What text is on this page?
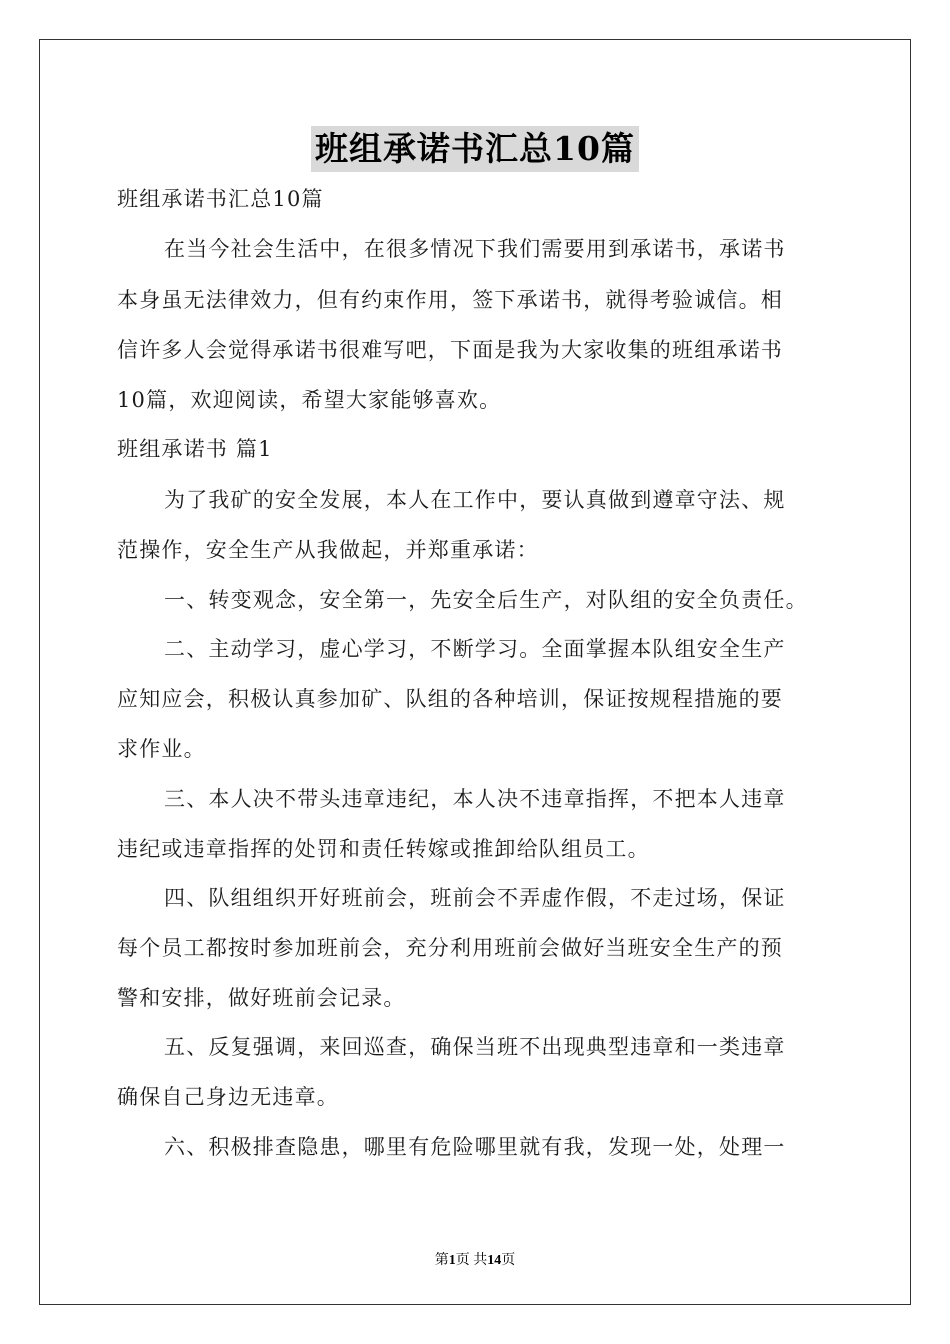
班组承诺书汇总10篇
班组承诺书汇总10篇
在当今社会生活中，在很多情况下我们需要用到承诺书，承诺书
本身虽无法律效力，但有约束作用，签下承诺书，就得考验诚信。相
信许多人会觉得承诺书很难写吧，下面是我为大家收集的班组承诺书
10篇，欢迎阅读，希望大家能够喜欢。
班组承诺书 篇1
为了我矿的安全发展，本人在工作中，要认真做到遵章守法、规
范操作，安全生产从我做起，并郑重承诺：
一、转变观念，安全第一，先安全后生产，对队组的安全负责任。
二、主动学习，虚心学习，不断学习。全面掌握本队组安全生产
应知应会，积极认真参加矿、队组的各种培训，保证按规程措施的要
求作业。
三、本人决不带头违章违纪，本人决不违章指挥，不把本人违章
违纪或违章指挥的处罚和责任转嫁或推卸给队组员工。
四、队组组织开好班前会，班前会不弄虚作假，不走过场，保证
每个员工都按时参加班前会，充分利用班前会做好当班安全生产的预
警和安排，做好班前会记录。
五、反复强调，来回巡查，确保当班不出现典型违章和一类违章
确保自己身边无违章。
六、积极排查隐患，哪里有危险哪里就有我，发现一处，处理一
第1页 共14页
